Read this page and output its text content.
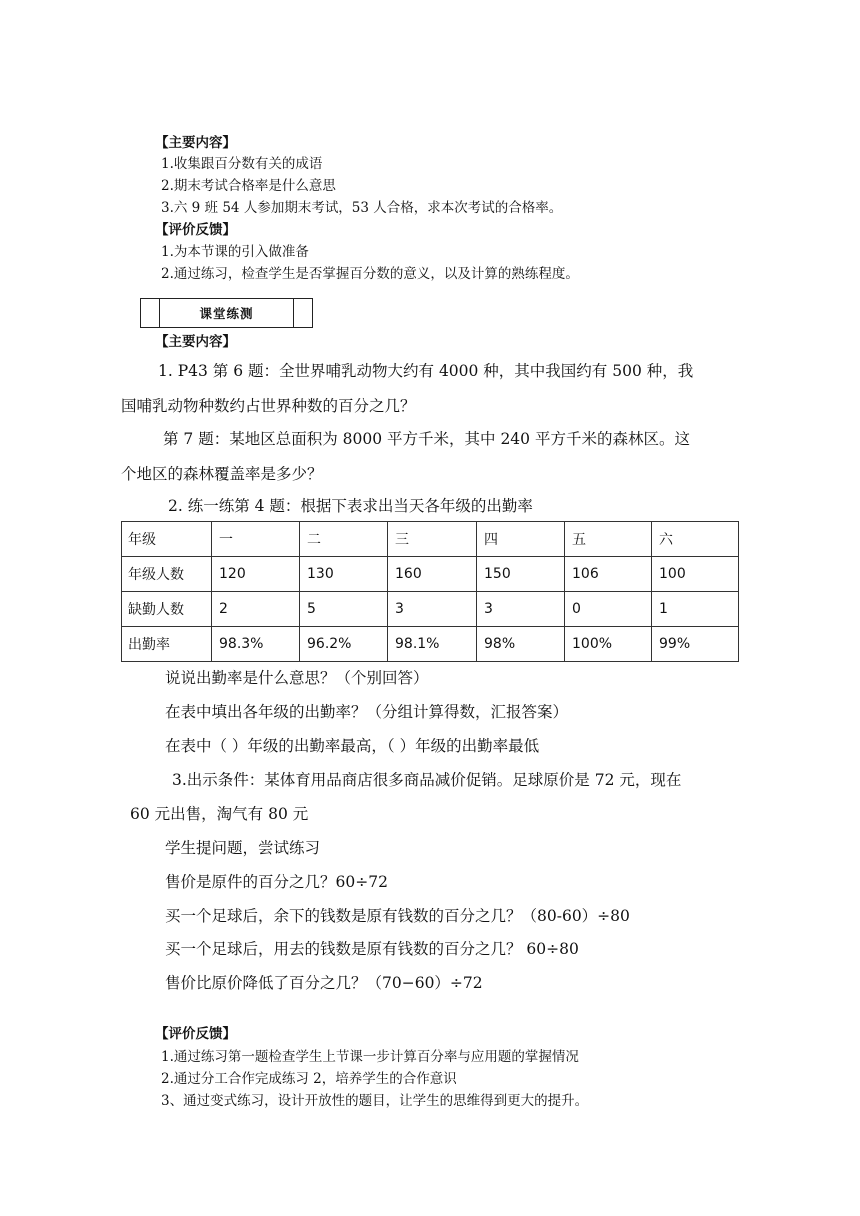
【主要内容】
1.收集跟百分数有关的成语
2.期末考试合格率是什么意思
3.六 9 班 54 人参加期末考试，53 人合格，求本次考试的合格率。
【评价反馈】
1.为本节课的引入做准备
2.通过练习，检查学生是否掌握百分数的意义，以及计算的熟练程度。
课堂练测
【主要内容】
1. P43 第 6 题：全世界哺乳动物大约有 4000 种，其中我国约有 500 种，我
国哺乳动物种数约占世界种数的百分之几？
第 7 题：某地区总面积为 8000 平方千米，其中 240 平方千米的森林区。这
个地区的森林覆盖率是多少？
2. 练一练第 4 题：根据下表求出当天各年级的出勤率
年级	一	二	三	四	五	六
年级人数	120	130	160	150	106	100
缺勤人数	2	5	3	3	0	1
出勤率	98.3%	96.2%	98.1%	98%	100%	99%
说说出勤率是什么意思？（个别回答）
在表中填出各年级的出勤率？（分组计算得数，汇报答案）
在表中（ ）年级的出勤率最高，（ ）年级的出勤率最低
3.出示条件：某体育用品商店很多商品减价促销。足球原价是 72 元，现在
60 元出售，淘气有 80 元
学生提问题，尝试练习
售价是原件的百分之几？60÷72
买一个足球后，余下的钱数是原有钱数的百分之几？（80-60）÷80
买一个足球后，用去的钱数是原有钱数的百分之几？ 60÷80
售价比原价降低了百分之几？（70−60）÷72
【评价反馈】
1.通过练习第一题检查学生上节课一步计算百分率与应用题的掌握情况
2.通过分工合作完成练习 2，培养学生的合作意识
3、通过变式练习，设计开放性的题目，让学生的思维得到更大的提升。
